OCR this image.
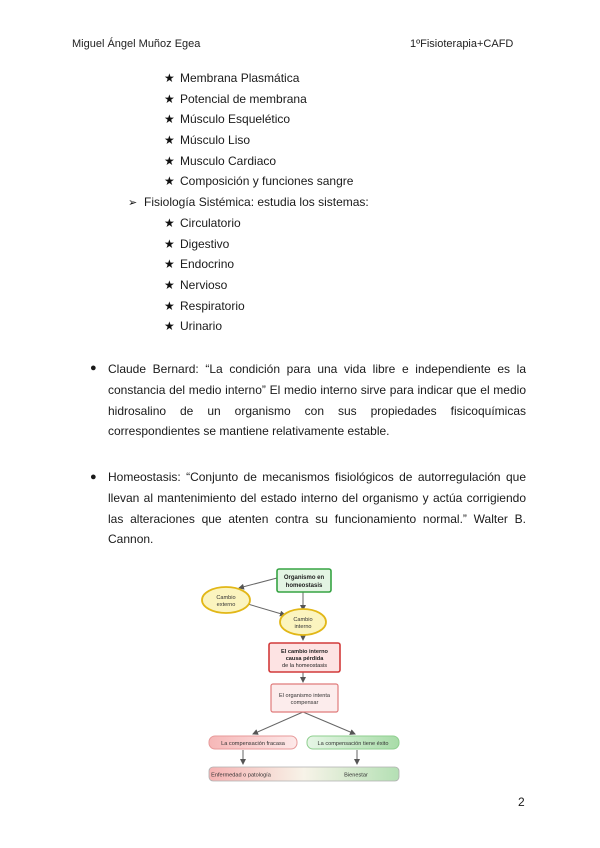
Miguel Ángel Muñoz Egea	1ºFisioterapia+CAFD
★ Membrana Plasmática
★ Potencial de membrana
★ Músculo Esquelético
★ Músculo Liso
★ Musculo Cardiaco
★ Composición y funciones sangre
➢ Fisiología Sistémica: estudia los sistemas:
★ Circulatorio
★ Digestivo
★ Endocrino
★ Nervioso
★ Respiratorio
★ Urinario
● Claude Bernard: “La condición para una vida libre e independiente es la constancia del medio interno” El medio interno sirve para indicar que el medio hidrosalino de un organismo con sus propiedades fisicoquímicas correspondientes se mantiene relativamente estable.
● Homeostasis: “Conjunto de mecanismos fisiológicos de autorregulación que llevan al mantenimiento del estado interno del organismo y actúa corrigiendo las alteraciones que atenten contra su funcionamiento normal.” Walter B. Cannon.
Organismo en
homeostasis
Cambio
externo
Cambio
interno
El cambio interno
causa pérdida
de la homeostasis
El organismo intenta
compensar
La compensación fracasa	La compensación tiene éxito
Enfermedad o patología	Bienestar
2
